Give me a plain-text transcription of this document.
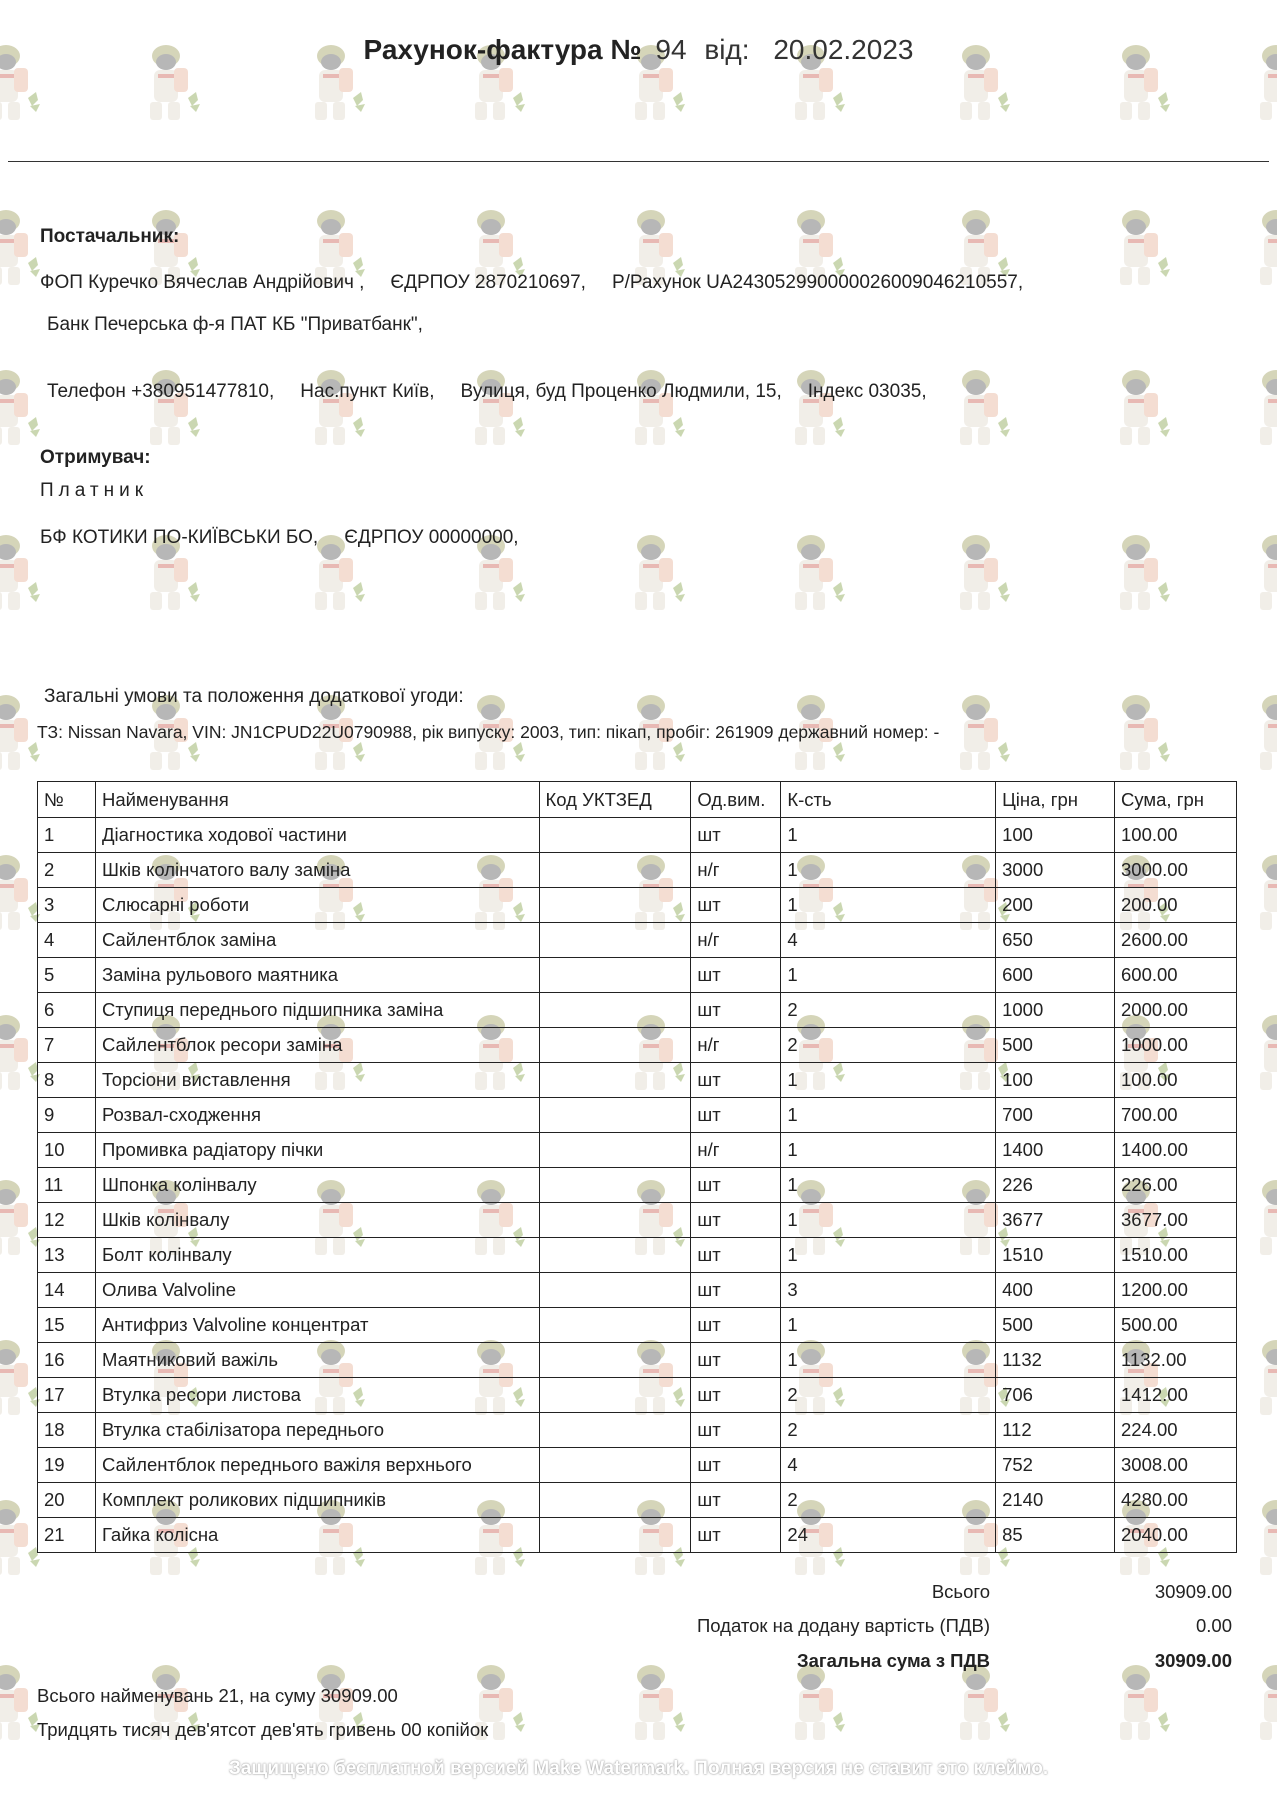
Рахунок-фактура № 94 від: 20.02.2023
Постачальник:
ФОП Куречко Вячеслав Андрійович , ЄДРПОУ 2870210697, Р/Рахунок UA243052990000026009046210557,
Банк Печерська ф-я ПАТ КБ "Приватбанк",
Телефон +380951477810, Нас.пункт Київ, Вулиця, буд Проценко Людмили, 15, Індекс 03035,
Отримувач:
Платник
БФ КОТИКИ ПО-КИЇВСЬКИ БО, ЄДРПОУ 00000000,
Загальні умови та положення додаткової угоди:
ТЗ: Nissan Navara, VIN: JN1CPUD22U0790988, рік випуску: 2003, тип: пікап, пробіг: 261909 державний номер: -
№	Найменування	Код УКТЗЕД	Од.вим.	К-сть	Ціна, грн	Сума, грн
1	Діагностика ходової частини		шт	1	100	100.00
2	Шків колінчатого валу заміна		н/г	1	3000	3000.00
3	Слюсарні роботи		шт	1	200	200.00
4	Сайлентблок заміна		н/г	4	650	2600.00
5	Заміна рульового маятника		шт	1	600	600.00
6	Ступиця переднього підшипника заміна		шт	2	1000	2000.00
7	Сайлентблок ресори заміна		н/г	2	500	1000.00
8	Торсіони виставлення		шт	1	100	100.00
9	Розвал-сходження		шт	1	700	700.00
10	Промивка радіатору пічки		н/г	1	1400	1400.00
11	Шпонка колінвалу		шт	1	226	226.00
12	Шків колінвалу		шт	1	3677	3677.00
13	Болт колінвалу		шт	1	1510	1510.00
14	Олива Valvoline		шт	3	400	1200.00
15	Антифриз Valvoline концентрат		шт	1	500	500.00
16	Маятниковий важіль		шт	1	1132	1132.00
17	Втулка ресори листова		шт	2	706	1412.00
18	Втулка стабілізатора переднього		шт	2	112	224.00
19	Сайлентблок переднього важіля верхнього		шт	4	752	3008.00
20	Комплект роликових підшипників		шт	2	2140	4280.00
21	Гайка колісна		шт	24	85	2040.00
Всього	30909.00
Податок на додану вартість (ПДВ)	0.00
Загальна сума з ПДВ	30909.00
Всього найменувань 21, на суму 30909.00
Тридцять тисяч дев'ятсот дев'ять гривень 00 копійок
Защищено бесплатной версией Make Watermark. Полная версия не ставит это клеймо.
